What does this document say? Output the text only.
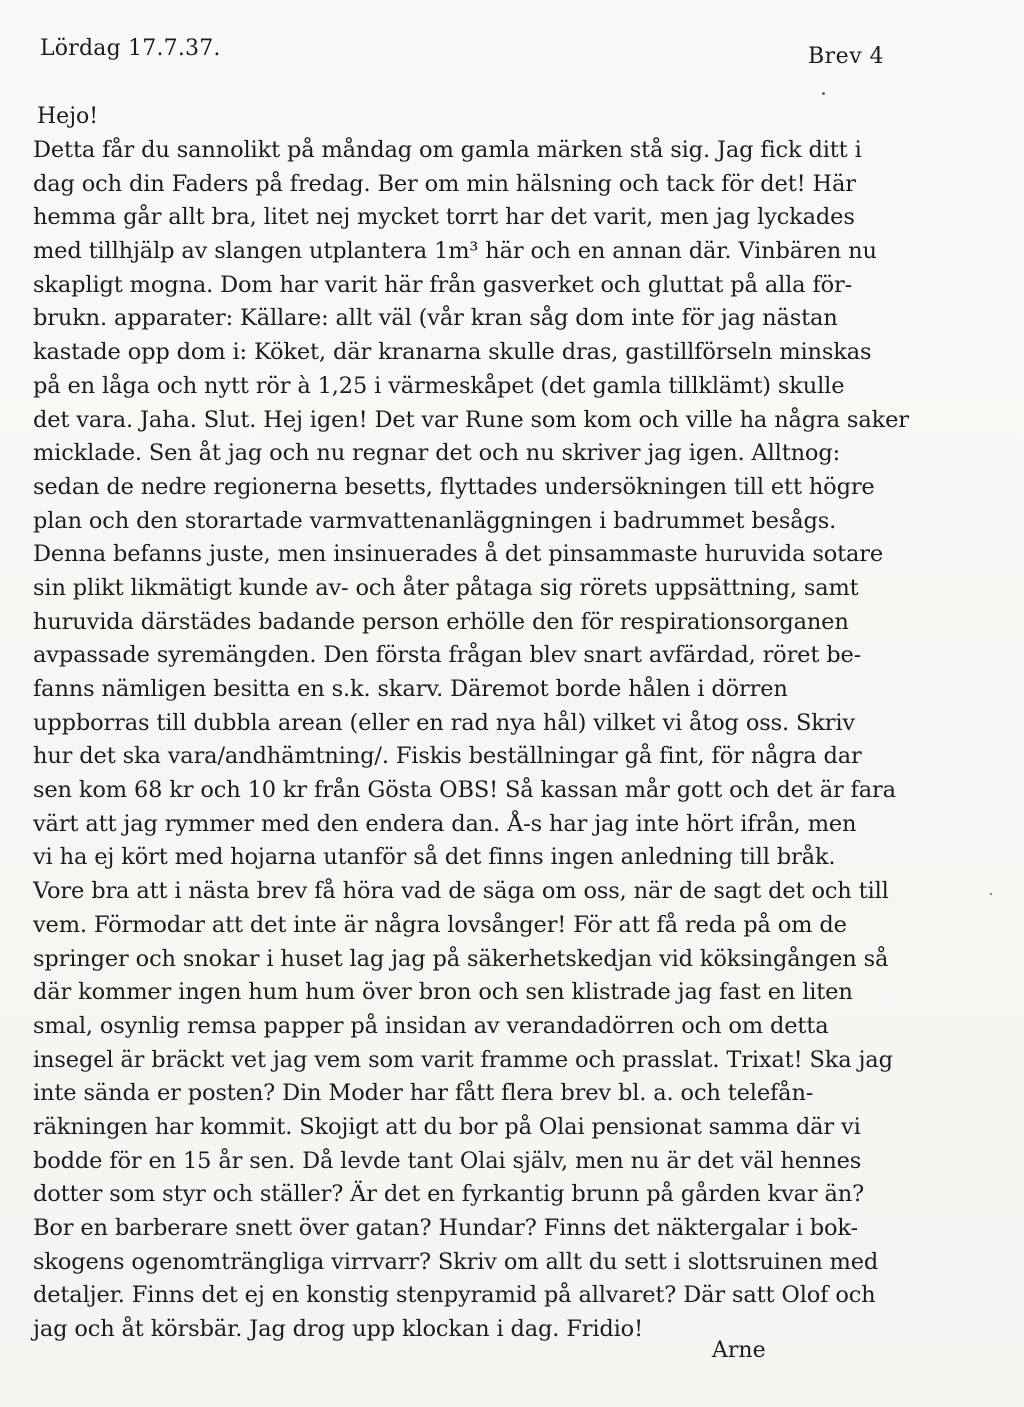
Lördag 17.7.37.	Brev 4
Hejo!
Detta får du sannolikt på måndag om gamla märken stå sig. Jag fick ditt i
dag och din Faders på fredag. Ber om min hälsning och tack för det! Här
hemma går allt bra, litet nej mycket torrt har det varit, men jag lyckades
med tillhjälp av slangen utplantera 1m³ här och en annan där. Vinbären nu
skapligt mogna. Dom har varit här från gasverket och gluttat på alla för-
brukn. apparater: Källare: allt väl (vår kran såg dom inte för jag nästan
kastade opp dom i: Köket, där kranarna skulle dras, gastillförseln minskas
på en låga och nytt rör à 1,25 i värmeskåpet (det gamla tillklämt) skulle
det vara. Jaha. Slut. Hej igen! Det var Rune som kom och ville ha några saker
micklade. Sen åt jag och nu regnar det och nu skriver jag igen. Alltnog:
sedan de nedre regionerna besetts, flyttades undersökningen till ett högre
plan och den storartade varmvattenanläggningen i badrummet besågs.
Denna befanns juste, men insinuerades å det pinsammaste huruvida sotare
sin plikt likmätigt kunde av- och åter påtaga sig rörets uppsättning, samt
huruvida därstädes badande person erhölle den för respirationsorganen
avpassade syremängden. Den första frågan blev snart avfärdad, röret be-
fanns nämligen besitta en s.k. skarv. Däremot borde hålen i dörren
uppborras till dubbla arean (eller en rad nya hål) vilket vi åtog oss. Skriv
hur det ska vara/andhämtning/. Fiskis beställningar gå fint, för några dar
sen kom 68 kr och 10 kr från Gösta OBS! Så kassan mår gott och det är fara
värt att jag rymmer med den endera dan. Å-s har jag inte hört ifrån, men
vi ha ej kört med hojarna utanför så det finns ingen anledning till bråk.
Vore bra att i nästa brev få höra vad de säga om oss, när de sagt det och till
vem. Förmodar att det inte är några lovsånger! För att få reda på om de
springer och snokar i huset lag jag på säkerhetskedjan vid köksingången så
där kommer ingen hum hum över bron och sen klistrade jag fast en liten
smal, osynlig remsa papper på insidan av verandadörren och om detta
insegel är bräckt vet jag vem som varit framme och prasslat. Trixat! Ska jag
inte sända er posten? Din Moder har fått flera brev bl. a. och telefån-
räkningen har kommit. Skojigt att du bor på Olai pensionat samma där vi
bodde för en 15 år sen. Då levde tant Olai själv, men nu är det väl hennes
dotter som styr och ställer? Är det en fyrkantig brunn på gården kvar än?
Bor en barberare snett över gatan? Hundar? Finns det näktergalar i bok-
skogens ogenomträngliga virrvarr? Skriv om allt du sett i slottsruinen med
detaljer. Finns det ej en konstig stenpyramid på allvaret? Där satt Olof och
jag och åt körsbär. Jag drog upp klockan i dag. Fridio!
Arne
